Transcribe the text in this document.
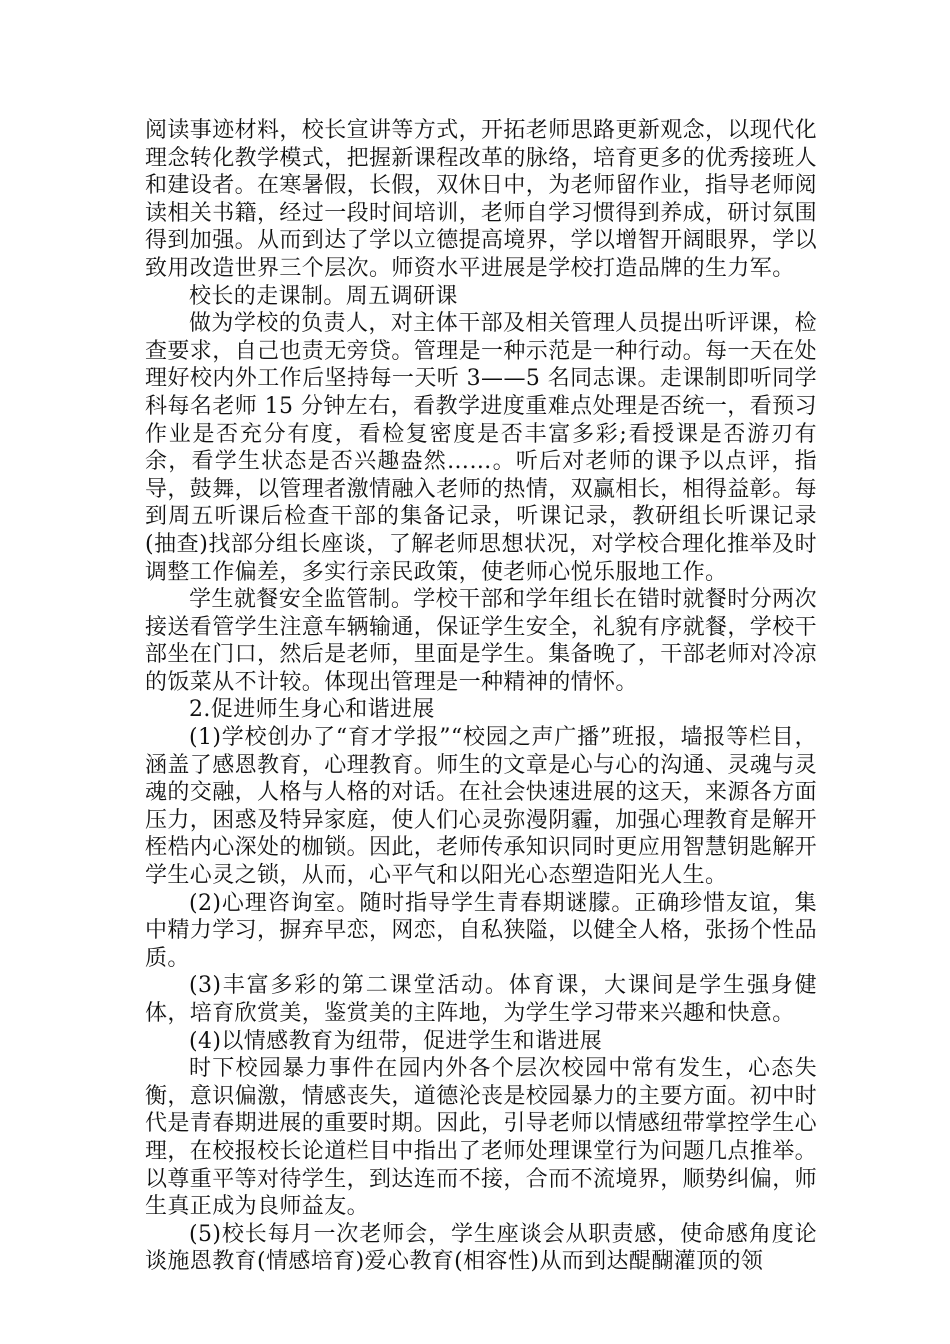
阅读事迹材料，校长宣讲等方式，开拓老师思路更新观念，以现代化理念转化教学模式，把握新课程改革的脉络，培育更多的优秀接班人和建设者。在寒暑假，长假，双休日中，为老师留作业，指导老师阅读相关书籍，经过一段时间培训，老师自学习惯得到养成，研讨氛围得到加强。从而到达了学以立德提高境界，学以增智开阔眼界，学以致用改造世界三个层次。师资水平进展是学校打造品牌的生力军。

校长的走课制。周五调研课

做为学校的负责人，对主体干部及相关管理人员提出听评课，检查要求，自己也责无旁贷。管理是一种示范是一种行动。每一天在处理好校内外工作后坚持每一天听 3——5 名同志课。走课制即听同学科每名老师 15 分钟左右，看教学进度重难点处理是否统一，看预习作业是否充分有度，看检复密度是否丰富多彩;看授课是否游刃有余，看学生状态是否兴趣盎然……。听后对老师的课予以点评，指导，鼓舞，以管理者激情融入老师的热情，双赢相长，相得益彰。每到周五听课后检查干部的集备记录，听课记录，教研组长听课记录(抽查)找部分组长座谈，了解老师思想状况，对学校合理化推举及时调整工作偏差，多实行亲民政策，使老师心悦乐服地工作。

学生就餐安全监管制。学校干部和学年组长在错时就餐时分两次接送看管学生注意车辆输通，保证学生安全，礼貌有序就餐，学校干部坐在门口，然后是老师，里面是学生。集备晚了，干部老师对冷凉的饭菜从不计较。体现出管理是一种精神的情怀。

2.促进师生身心和谐进展

(1)学校创办了“育才学报”“校园之声广播”班报，墙报等栏目，涵盖了感恩教育，心理教育。师生的文章是心与心的沟通、灵魂与灵魂的交融，人格与人格的对话。在社会快速进展的这天，来源各方面压力，困惑及特异家庭，使人们心灵弥漫阴霾，加强心理教育是解开桎梏内心深处的枷锁。因此，老师传承知识同时更应用智慧钥匙解开学生心灵之锁，从而，心平气和以阳光心态塑造阳光人生。

(2)心理咨询室。随时指导学生青春期谜朦。正确珍惜友谊，集中精力学习，摒弃早恋，网恋，自私狭隘，以健全人格，张扬个性品质。

(3)丰富多彩的第二课堂活动。体育课，大课间是学生强身健体，培育欣赏美，鉴赏美的主阵地，为学生学习带来兴趣和快意。

(4)以情感教育为纽带，促进学生和谐进展

时下校园暴力事件在园内外各个层次校园中常有发生，心态失衡，意识偏激，情感丧失，道德沦丧是校园暴力的主要方面。初中时代是青春期进展的重要时期。因此，引导老师以情感纽带掌控学生心理，在校报校长论道栏目中指出了老师处理课堂行为问题几点推举。以尊重平等对待学生，到达连而不接，合而不流境界，顺势纠偏，师生真正成为良师益友。

(5)校长每月一次老师会，学生座谈会从职责感，使命感角度论谈施恩教育(情感培育)爱心教育(相容性)从而到达醍醐灌顶的领
